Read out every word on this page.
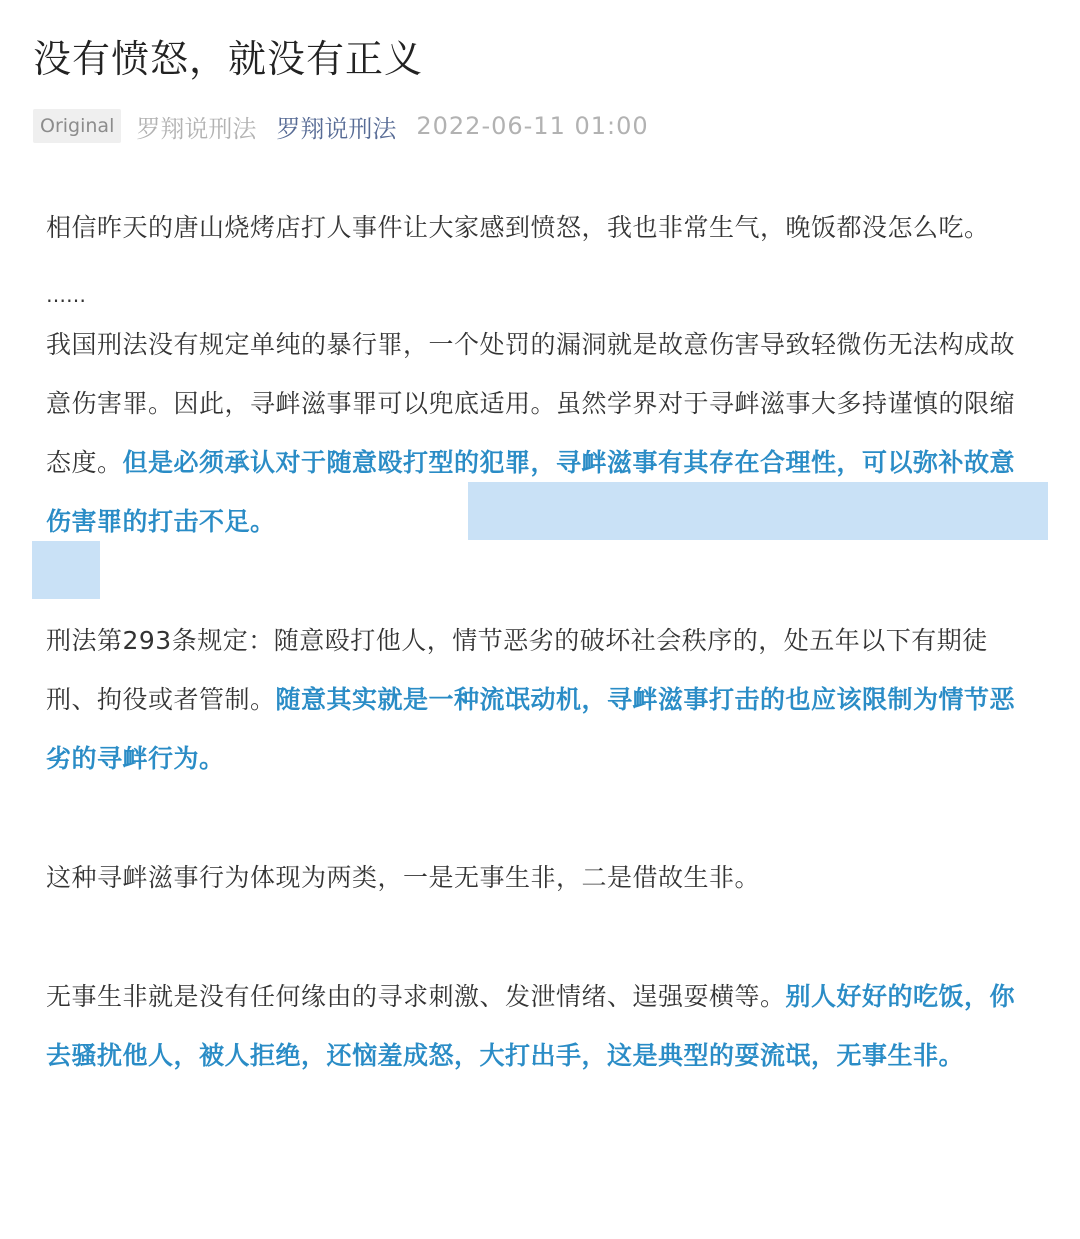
没有愤怒，就没有正义
Original 罗翔说刑法 罗翔说刑法 2022-06-11 01:00

相信昨天的唐山烧烤店打人事件让大家感到愤怒，我也非常生气，晚饭都没怎么吃。

……

我国刑法没有规定单纯的暴行罪，一个处罚的漏洞就是故意伤害导致轻微伤无法构成故意伤害罪。因此，寻衅滋事罪可以兜底适用。虽然学界对于寻衅滋事大多持谨慎的限缩态度。但是必须承认对于随意殴打型的犯罪，寻衅滋事有其存在合理性，可以弥补故意伤害罪的打击不足。

刑法第293条规定：随意殴打他人，情节恶劣的破坏社会秩序的，处五年以下有期徒刑、拘役或者管制。随意其实就是一种流氓动机，寻衅滋事打击的也应该限制为情节恶劣的寻衅行为。

这种寻衅滋事行为体现为两类，一是无事生非，二是借故生非。

无事生非就是没有任何缘由的寻求刺激、发泄情绪、逞强耍横等。别人好好的吃饭，你去骚扰他人，被人拒绝，还恼羞成怒，大打出手，这是典型的耍流氓，无事生非。
